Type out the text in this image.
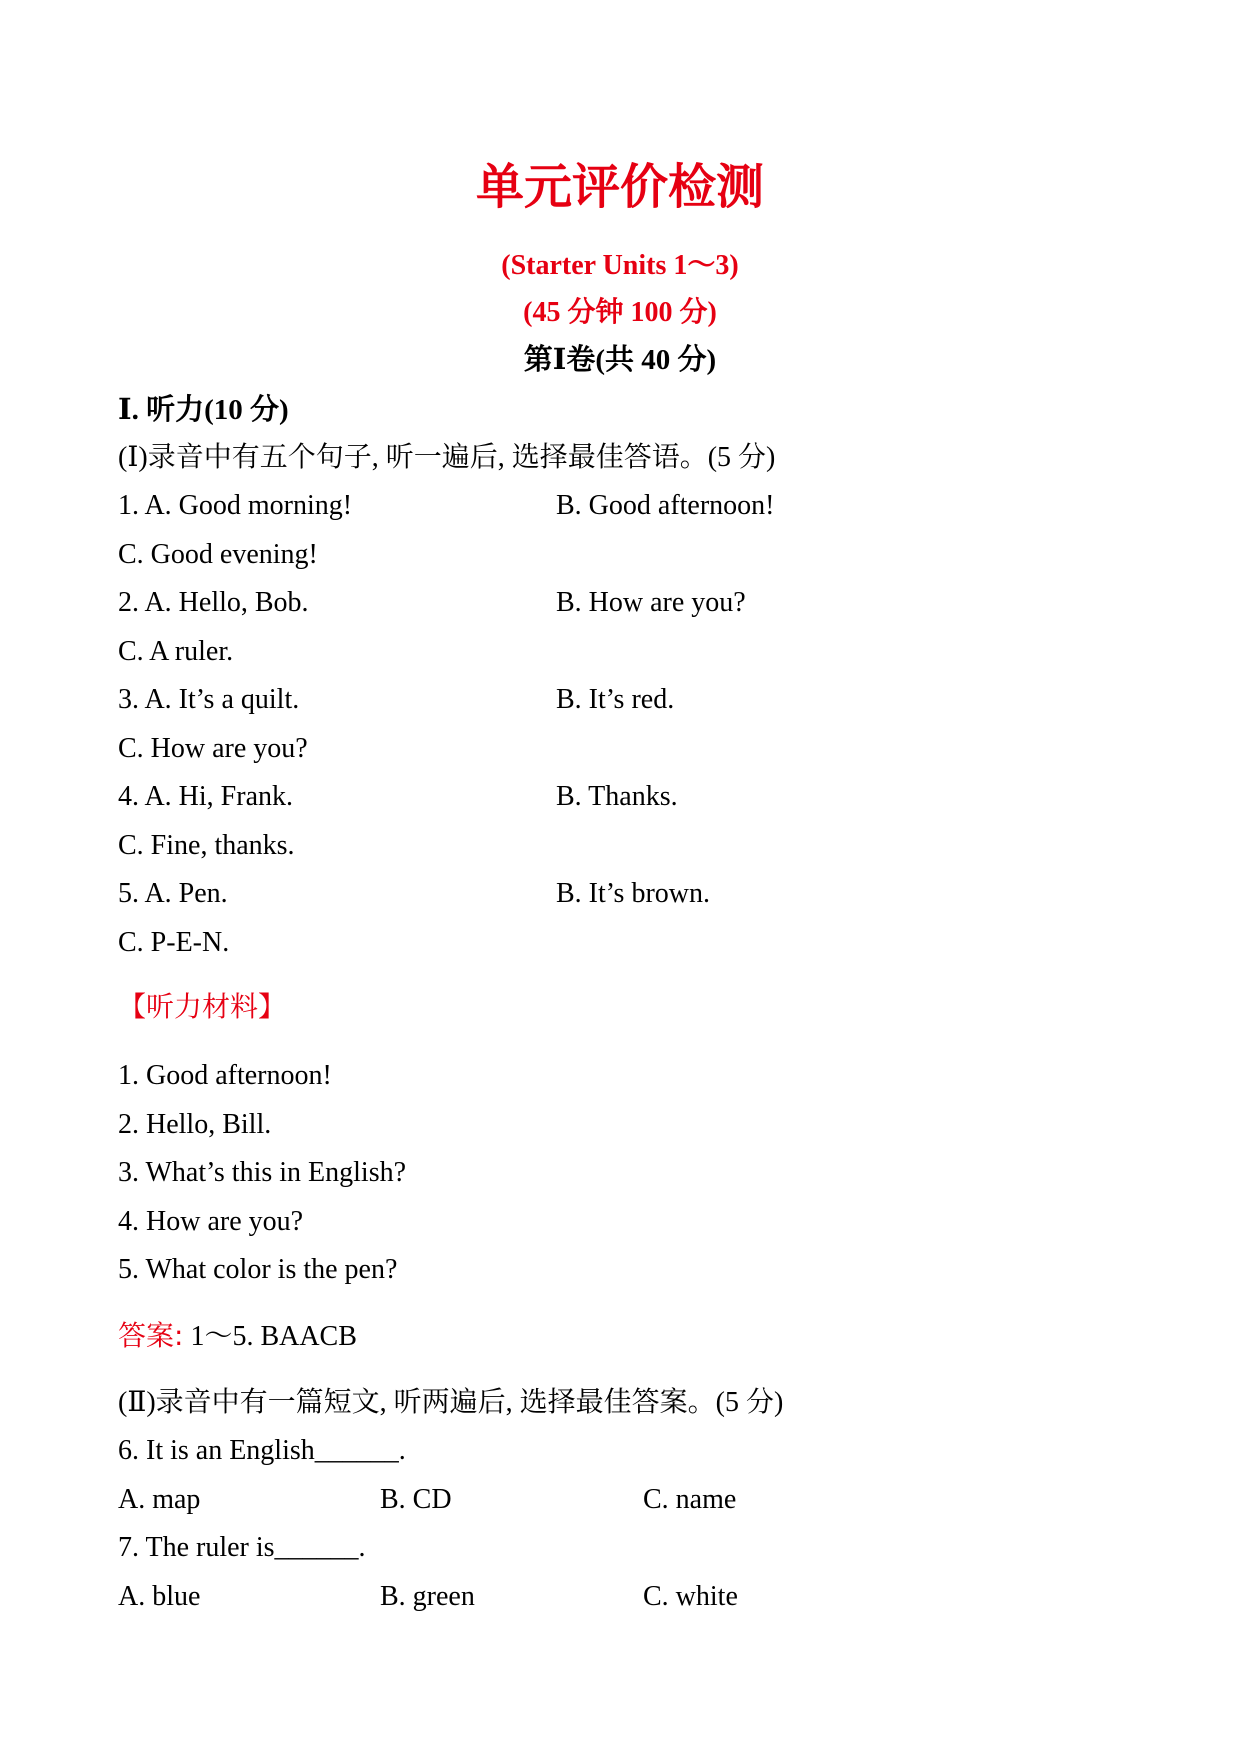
单元评价检测
(Starter Units 1～3)
(45 分钟 100 分)
第Ⅰ卷(共 40 分)
Ⅰ. 听力(10 分)
(Ⅰ)录音中有五个句子, 听一遍后, 选择最佳答语。(5 分)
1. A. Good morning!	B. Good afternoon!
C. Good evening!
2. A. Hello, Bob.	B. How are you?
C. A ruler.
3. A. It’s a quilt.	B. It’s red.
C. How are you?
4. A. Hi, Frank.	B. Thanks.
C. Fine, thanks.
5. A. Pen.	B. It’s brown.
C. P-E-N.
【听力材料】
1. Good afternoon!
2. Hello, Bill.
3. What’s this in English?
4. How are you?
5. What color is the pen?
答案: 1～5. BAACB
(Ⅱ)录音中有一篇短文, 听两遍后, 选择最佳答案。(5 分)
6. It is an English______.
A. map	B. CD	C. name
7. The ruler is______.
A. blue	B. green	C. white
